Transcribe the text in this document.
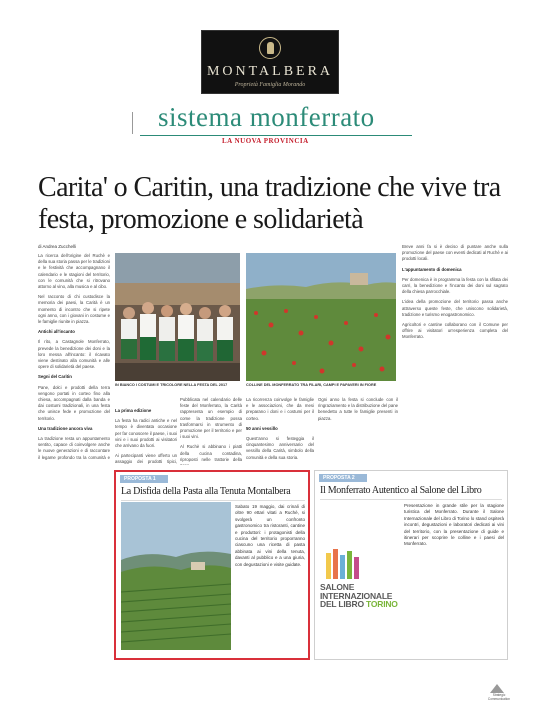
MONTALBERA
Proprietà Famiglia Morando
sistema monferrato
LA NUOVA PROVINCIA
Carita' o Caritin, una tradizione che vive tra festa, promozione e solidarietà
di Andrea Zucchelli

La ricerca dell'origine del Ruchè e della sua storia passa per le tradizioni e le festività che accompagnano il calendario e le stagioni del territorio, con le comunità che si ritrovano attorno al vino, alla musica e al cibo.

Nel racconto di chi custodisce la memoria dei paesi, la Carità è un momento di incontro che si ripete ogni anno, con i giovani in costume e le famiglie riunite in piazza.

Antichi all'incanto

Il rito, a Castagnole Monferrato, prevede la benedizione dei doni e la loro messa all'incanto: il ricavato viene destinato alla comunità e alle opere di solidarietà del paese.

Segni del Caritin

Pane, dolci e prodotti della terra vengono portati in corteo fino alla chiesa, accompagnati dalla banda e dai costumi tradizionali, in una festa che unisce fede e promozione del territorio.

Una tradizione ancora viva

La tradizione resta un appuntamento sentito, capace di coinvolgere anche le nuove generazioni e di raccontare il legame profondo tra la comunità e

La prima edizione

La festa ha radici antiche e nel tempo è diventata occasione per far conoscere il paese, i suoi vini e i suoi prodotti ai visitatori che arrivano da fuori.

Ai partecipanti viene offerto un assaggio dei prodotti tipici,

Pubblicata nel calendario delle feste del Monferrato, la Carità rappresenta un esempio di come la tradizione possa trasformarsi in strumento di promozione per il territorio e per i suoi vini.

Al Ruchè si abbinano i piatti della cucina contadina, riproposti nelle trattorie della

La ricorrenza coinvolge le famiglie e le associazioni, che da mesi preparano i doni e i costumi per il corteo.

50 anni vessillo

Quest'anno si festeggia il cinquantesimo anniversario del vessillo della Carità, simbolo della comunità e della sua storia.

Ogni anno la festa si conclude con il ringraziamento e la distribuzione del pane benedetto a tutte le famiglie presenti in piazza.

Breve anni fa si è deciso di puntare anche sulla promozione del paese con eventi dedicati al Ruchè e ai prodotti locali.

L'appuntamento di domenica

Per domenica è in programma la festa con la sfilata dei carri, la benedizione e l'incanto dei doni sul sagrato della chiesa parrocchiale.

L'idea della promozione del territorio passa anche attraverso queste feste, che uniscono solidarietà, tradizione e turismo enogastronomico.

Agricoltori e cantine collaborano con il Comune per offrire ai visitatori un'esperienza completa del Monferrato.

IN BIANCO I COSTUMI E TRICOLORE NELLA FESTA DEL 2017	COLLINE DEL MONFERRATO TRA FILARI, CAMPI E PAPAVERI IN FIORE
PROPOSTA 1
La Disfida della Pasta alla Tenuta Montalbera
Sabato 19 maggio, dai crinali di oltre 90 ettari vitati a Ruchè, si svolgerà un confronto gastronomico tra ristoranti, cantine e produttori: i protagonisti della cucina del territorio proporranno ciascuno una ricetta di pasta abbinata ai vini della tenuta, davanti al pubblico e a una giuria, con degustazioni e visite guidate.
PROPOSTA 2
Il Monferrato Autentico al Salone del Libro
Presentazione in grande stile per la stagione turistica del Monferrato. Durante il Salone Internazionale del Libro di Torino lo stand ospiterà incontri, degustazioni e laboratori dedicati ai vini del territorio, con la presentazione di guide e itinerari per scoprire le colline e i paesi del Monferrato.
SALONE
INTERNAZIONALE
DEL LIBRO TORINO
Strategic Communication
